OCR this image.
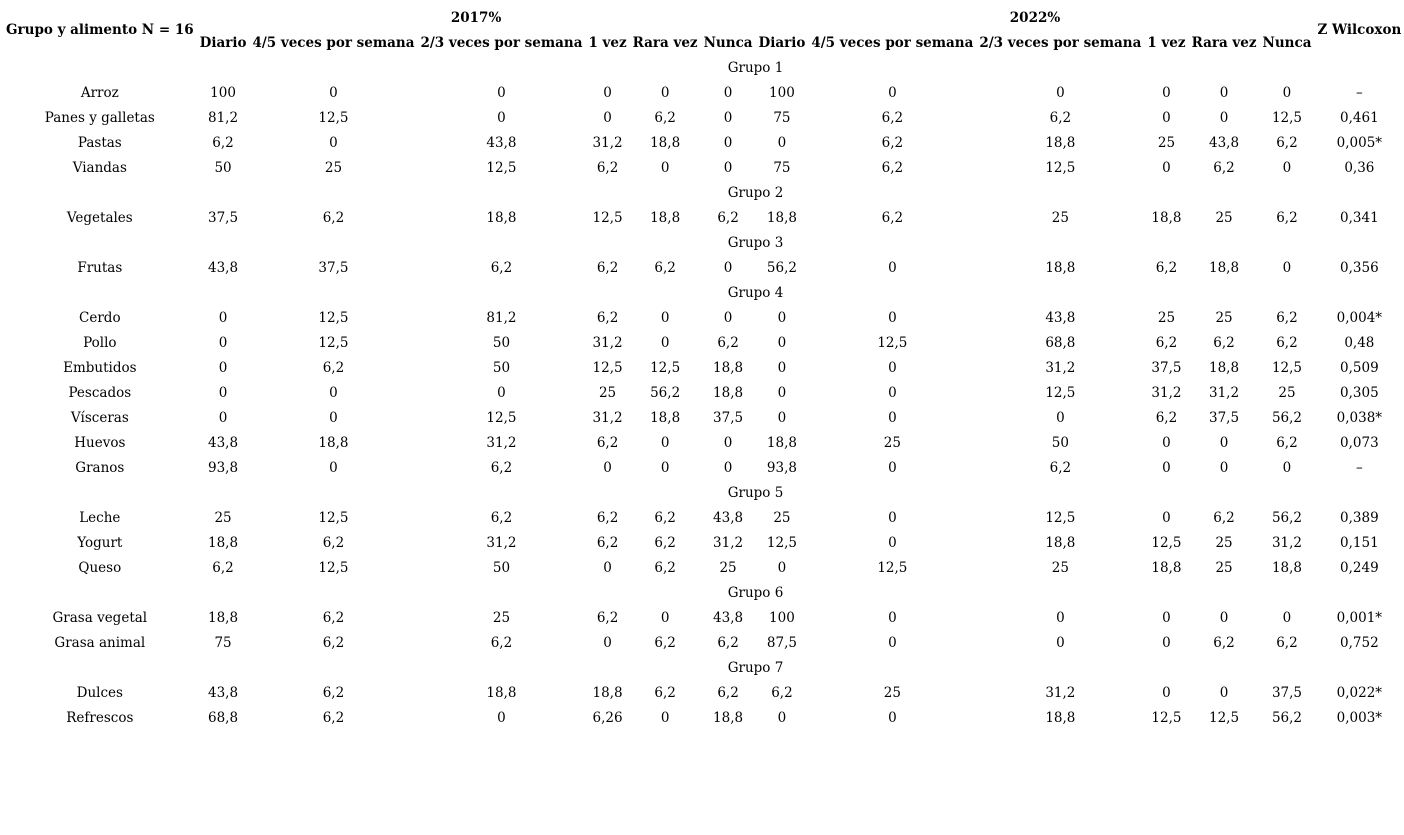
Grupo y alimento N = 16	2017%						2022%						Z Wilcoxon
	Diario	4/5 veces por semana	2/3 veces por semana	1 vez	Rara vez	Nunca	Diario	4/5 veces por semana	2/3 veces por semana	1 vez	Rara vez	Nunca	
	Grupo 1												
Arroz	100	0	0	0	0	0	100	0	0	0	0	0	–
Panes y galletas	81,2	12,5	0	0	6,2	0	75	6,2	6,2	0	0	12,5	0,461
Pastas	6,2	0	43,8	31,2	18,8	0	0	6,2	18,8	25	43,8	6,2	0,005*
Viandas	50	25	12,5	6,2	0	0	75	6,2	12,5	0	6,2	0	0,36
	Grupo 2												
Vegetales	37,5	6,2	18,8	12,5	18,8	6,2	18,8	6,2	25	18,8	25	6,2	0,341
	Grupo 3												
Frutas	43,8	37,5	6,2	6,2	6,2	0	56,2	0	18,8	6,2	18,8	0	0,356
	Grupo 4												
Cerdo	0	12,5	81,2	6,2	0	0	0	0	43,8	25	25	6,2	0,004*
Pollo	0	12,5	50	31,2	0	6,2	0	12,5	68,8	6,2	6,2	6,2	0,48
Embutidos	0	6,2	50	12,5	12,5	18,8	0	0	31,2	37,5	18,8	12,5	0,509
Pescados	0	0	0	25	56,2	18,8	0	0	12,5	31,2	31,2	25	0,305
Vísceras	0	0	12,5	31,2	18,8	37,5	0	0	0	6,2	37,5	56,2	0,038*
Huevos	43,8	18,8	31,2	6,2	0	0	18,8	25	50	0	0	6,2	0,073
Granos	93,8	0	6,2	0	0	0	93,8	0	6,2	0	0	0	–
	Grupo 5												
Leche	25	12,5	6,2	6,2	6,2	43,8	25	0	12,5	0	6,2	56,2	0,389
Yogurt	18,8	6,2	31,2	6,2	6,2	31,2	12,5	0	18,8	12,5	25	31,2	0,151
Queso	6,2	12,5	50	0	6,2	25	0	12,5	25	18,8	25	18,8	0,249
	Grupo 6												
Grasa vegetal	18,8	6,2	25	6,2	0	43,8	100	0	0	0	0	0	0,001*
Grasa animal	75	6,2	6,2	0	6,2	6,2	87,5	0	0	0	6,2	6,2	0,752
	Grupo 7												
Dulces	43,8	6,2	18,8	18,8	6,2	6,2	6,2	25	31,2	0	0	37,5	0,022*
Refrescos	68,8	6,2	0	6,26	0	18,8	0	0	18,8	12,5	12,5	56,2	0,003*
